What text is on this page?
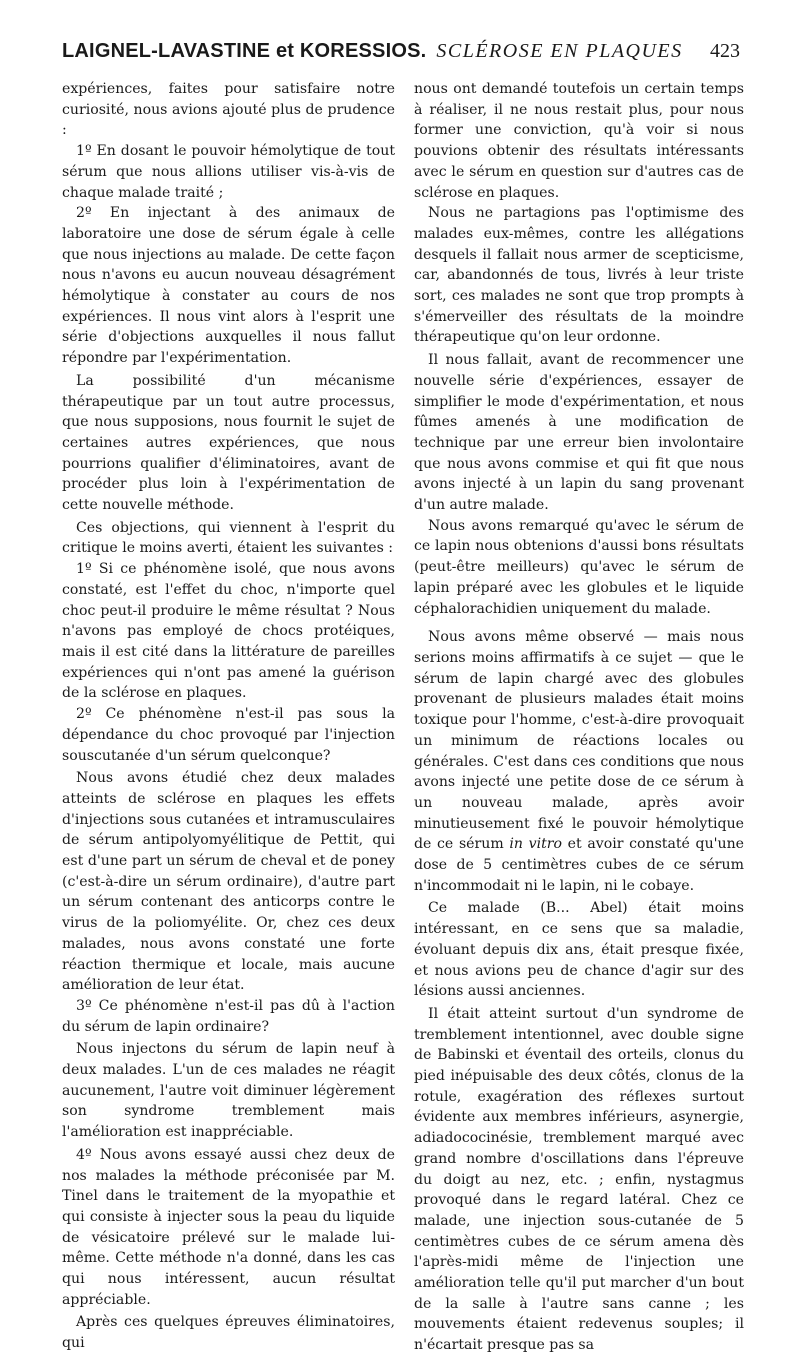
LAIGNEL-LAVASTINE et KORESSIOS. SCLÉROSE EN PLAQUES 423

expériences, faites pour satisfaire notre curiosité, nous avions ajouté plus de prudence :

1º En dosant le pouvoir hémolytique de tout sérum que nous allions utiliser vis-à-vis de chaque malade traité ;

2º En injectant à des animaux de laboratoire une dose de sérum égale à celle que nous injections au malade. De cette façon nous n'avons eu aucun nouveau désagrément hémolytique à constater au cours de nos expériences. Il nous vint alors à l'esprit une série d'objections auxquelles il nous fallut répondre par l'expérimentation.

La possibilité d'un mécanisme thérapeutique par un tout autre processus, que nous supposions, nous fournit le sujet de certaines autres expériences, que nous pourrions qualifier d'éliminatoires, avant de procéder plus loin à l'expérimentation de cette nouvelle méthode.

Ces objections, qui viennent à l'esprit du critique le moins averti, étaient les suivantes :

1º Si ce phénomène isolé, que nous avons constaté, est l'effet du choc, n'importe quel choc peut-il produire le même résultat ? Nous n'avons pas employé de chocs protéiques, mais il est cité dans la littérature de pareilles expériences qui n'ont pas amené la guérison de la sclérose en plaques.

2º Ce phénomène n'est-il pas sous la dépendance du choc provoqué par l'injection souscutanée d'un sérum quelconque?

Nous avons étudié chez deux malades atteints de sclérose en plaques les effets d'injections sous cutanées et intramusculaires de sérum antipolyomyélitique de Pettit, qui est d'une part un sérum de cheval et de poney (c'est-à-dire un sérum ordinaire), d'autre part un sérum contenant des anticorps contre le virus de la poliomyélite. Or, chez ces deux malades, nous avons constaté une forte réaction thermique et locale, mais aucune amélioration de leur état.

3º Ce phénomène n'est-il pas dû à l'action du sérum de lapin ordinaire?

Nous injectons du sérum de lapin neuf à deux malades. L'un de ces malades ne réagit aucunement, l'autre voit diminuer légèrement son syndrome tremblement mais l'amélioration est inappréciable.

4º Nous avons essayé aussi chez deux de nos malades la méthode préconisée par M. Tinel dans le traitement de la myopathie et qui consiste à injecter sous la peau du liquide de vésicatoire prélevé sur le malade lui-même. Cette méthode n'a donné, dans les cas qui nous intéressent, aucun résultat appréciable.

Après ces quelques épreuves éliminatoires, qui

nous ont demandé toutefois un certain temps à réaliser, il ne nous restait plus, pour nous former une conviction, qu'à voir si nous pouvions obtenir des résultats intéressants avec le sérum en question sur d'autres cas de sclérose en plaques.

Nous ne partagions pas l'optimisme des malades eux-mêmes, contre les allégations desquels il fallait nous armer de scepticisme, car, abandonnés de tous, livrés à leur triste sort, ces malades ne sont que trop prompts à s'émerveiller des résultats de la moindre thérapeutique qu'on leur ordonne.

Il nous fallait, avant de recommencer une nouvelle série d'expériences, essayer de simplifier le mode d'expérimentation, et nous fûmes amenés à une modification de technique par une erreur bien involontaire que nous avons commise et qui fit que nous avons injecté à un lapin du sang provenant d'un autre malade.

Nous avons remarqué qu'avec le sérum de ce lapin nous obtenions d'aussi bons résultats (peut-être meilleurs) qu'avec le sérum de lapin préparé avec les globules et le liquide céphalorachidien uniquement du malade.

Nous avons même observé — mais nous serions moins affirmatifs à ce sujet — que le sérum de lapin chargé avec des globules provenant de plusieurs malades était moins toxique pour l'homme, c'est-à-dire provoquait un minimum de réactions locales ou générales. C'est dans ces conditions que nous avons injecté une petite dose de ce sérum à un nouveau malade, après avoir minutieusement fixé le pouvoir hémolytique de ce sérum in vitro et avoir constaté qu'une dose de 5 centimètres cubes de ce sérum n'incommodait ni le lapin, ni le cobaye.

Ce malade (B... Abel) était moins intéressant, en ce sens que sa maladie, évoluant depuis dix ans, était presque fixée, et nous avions peu de chance d'agir sur des lésions aussi anciennes.

Il était atteint surtout d'un syndrome de tremblement intentionnel, avec double signe de Babinski et éventail des orteils, clonus du pied inépuisable des deux côtés, clonus de la rotule, exagération des réflexes surtout évidente aux membres inférieurs, asynergie, adiadococinésie, tremblement marqué avec grand nombre d'oscillations dans l'épreuve du doigt au nez, etc. ; enfin, nystagmus provoqué dans le regard latéral. Chez ce malade, une injection sous-cutanée de 5 centimètres cubes de ce sérum amena dès l'après-midi même de l'injection une amélioration telle qu'il put marcher d'un bout de la salle à l'autre sans canne ; les mouvements étaient redevenus souples; il n'écartait presque pas sa
